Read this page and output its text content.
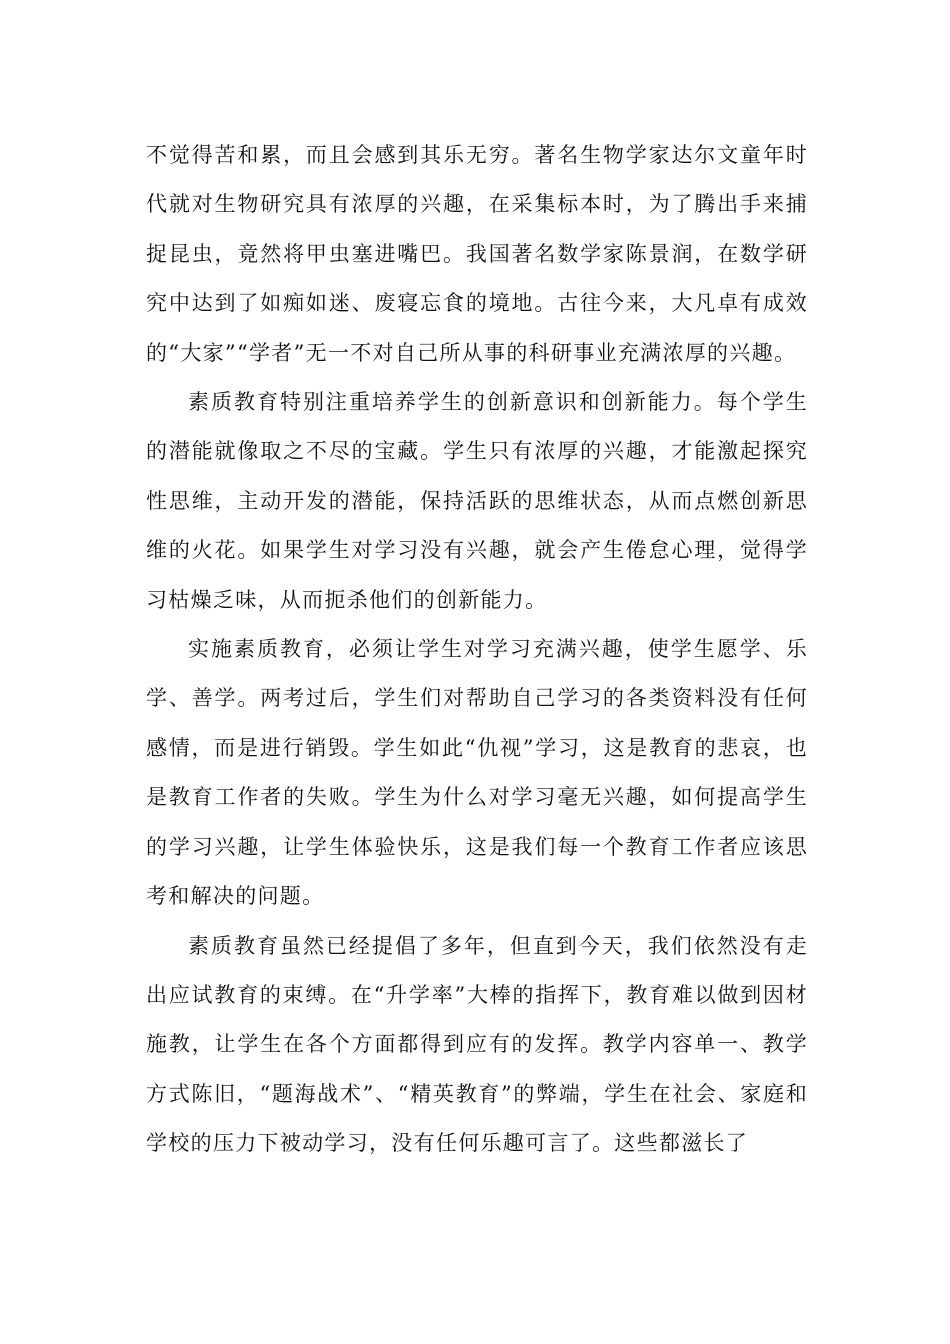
不觉得苦和累，而且会感到其乐无穷。著名生物学家达尔文童年时代就对生物研究具有浓厚的兴趣，在采集标本时，为了腾出手来捕捉昆虫，竟然将甲虫塞进嘴巴。我国著名数学家陈景润，在数学研究中达到了如痴如迷、废寝忘食的境地。古往今来，大凡卓有成效的“大家”“学者”无一不对自己所从事的科研事业充满浓厚的兴趣。

素质教育特别注重培养学生的创新意识和创新能力。每个学生的潜能就像取之不尽的宝藏。学生只有浓厚的兴趣，才能激起探究性思维，主动开发的潜能，保持活跃的思维状态，从而点燃创新思维的火花。如果学生对学习没有兴趣，就会产生倦怠心理，觉得学习枯燥乏味，从而扼杀他们的创新能力。

实施素质教育，必须让学生对学习充满兴趣，使学生愿学、乐学、善学。两考过后，学生们对帮助自己学习的各类资料没有任何感情，而是进行销毁。学生如此“仇视”学习，这是教育的悲哀，也是教育工作者的失败。学生为什么对学习毫无兴趣，如何提高学生的学习兴趣，让学生体验快乐，这是我们每一个教育工作者应该思考和解决的问题。

素质教育虽然已经提倡了多年，但直到今天，我们依然没有走出应试教育的束缚。在“升学率”大棒的指挥下，教育难以做到因材施教，让学生在各个方面都得到应有的发挥。教学内容单一、教学方式陈旧，“题海战术”、“精英教育”的弊端，学生在社会、家庭和学校的压力下被动学习，没有任何乐趣可言了。这些都滋长了
